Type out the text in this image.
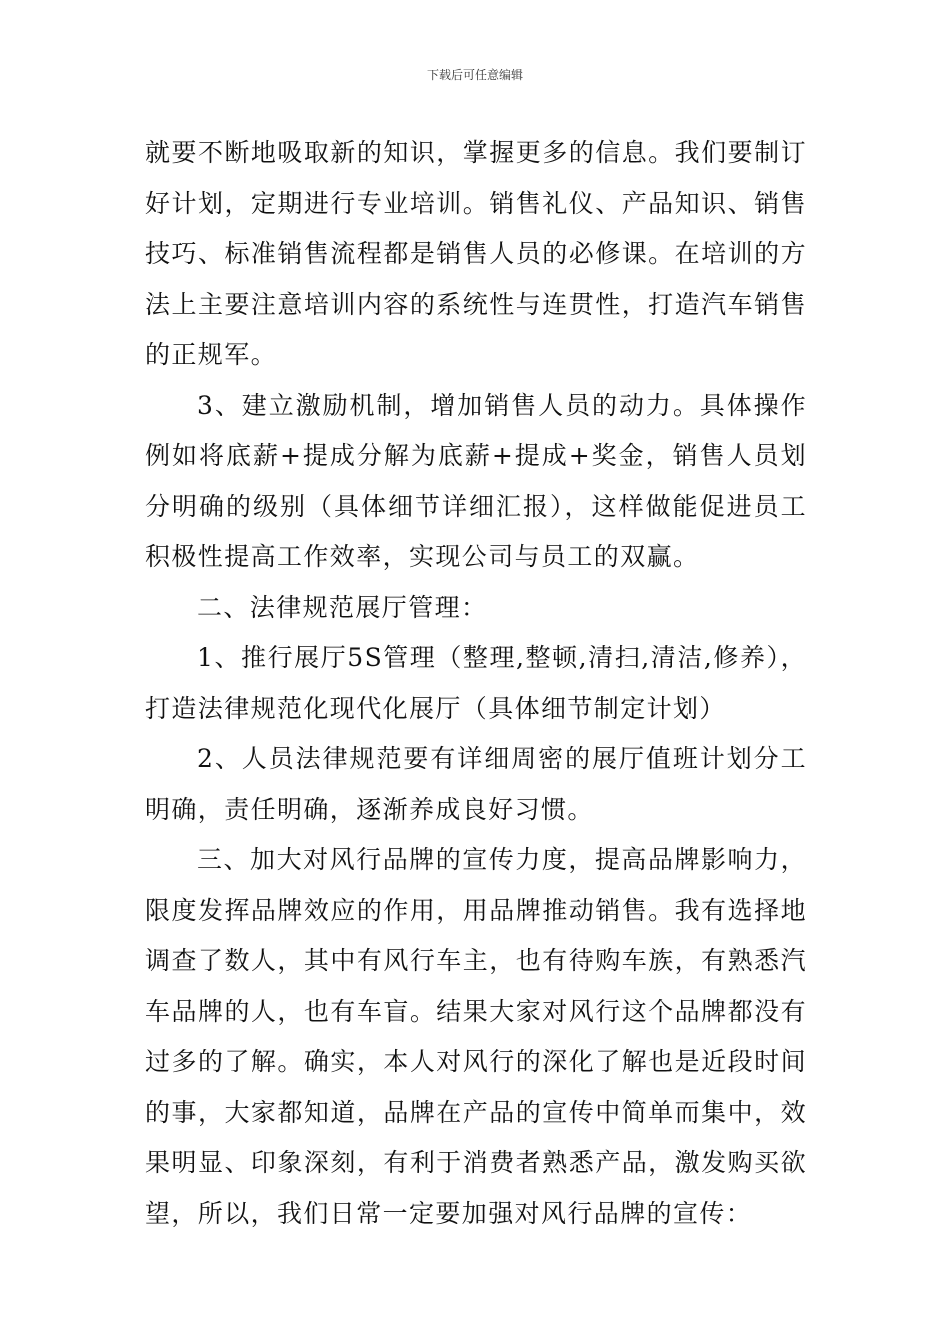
下载后可任意编辑

就要不断地吸取新的知识，掌握更多的信息。我们要制订好计划，定期进行专业培训。销售礼仪、产品知识、销售技巧、标准销售流程都是销售人员的必修课。在培训的方法上主要注意培训内容的系统性与连贯性，打造汽车销售的正规军。

3、建立激励机制，增加销售人员的动力。具体操作例如将底薪+提成分解为底薪+提成+奖金，销售人员划分明确的级别（具体细节详细汇报），这样做能促进员工积极性提高工作效率，实现公司与员工的双赢。

二、法律规范展厅管理：

1、推行展厅5S管理（整理,整顿,清扫,清洁,修养），打造法律规范化现代化展厅（具体细节制定计划）

2、人员法律规范要有详细周密的展厅值班计划分工明确，责任明确，逐渐养成良好习惯。

三、加大对风行品牌的宣传力度，提高品牌影响力，限度发挥品牌效应的作用，用品牌推动销售。我有选择地调查了数人，其中有风行车主，也有待购车族，有熟悉汽车品牌的人，也有车盲。结果大家对风行这个品牌都没有过多的了解。确实，本人对风行的深化了解也是近段时间的事，大家都知道，品牌在产品的宣传中简单而集中，效果明显、印象深刻，有利于消费者熟悉产品，激发购买欲望，所以，我们日常一定要加强对风行品牌的宣传：
